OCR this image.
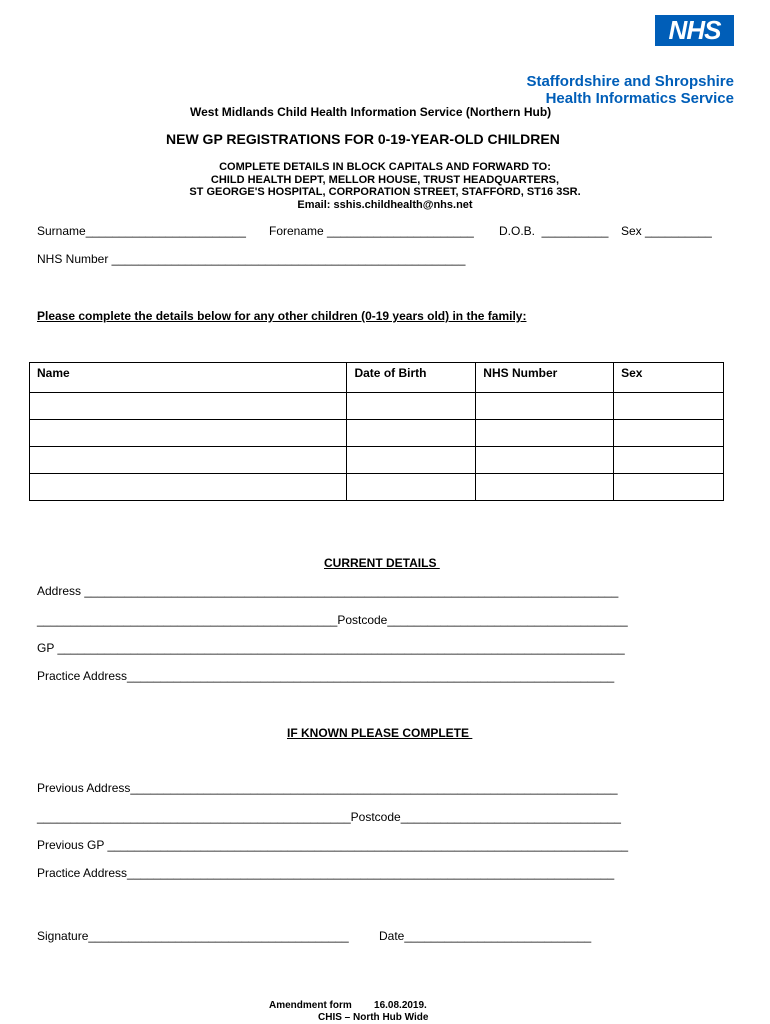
NHS
Staffordshire and Shropshire
Health Informatics Service
West Midlands Child Health Information Service (Northern Hub)
NEW GP REGISTRATIONS FOR 0-19-YEAR-OLD CHILDREN
COMPLETE DETAILS IN BLOCK CAPITALS AND FORWARD TO:
CHILD HEALTH DEPT, MELLOR HOUSE, TRUST HEADQUARTERS,
ST GEORGE'S HOSPITAL, CORPORATION STREET, STAFFORD, ST16 3SR.
Email: sshis.childhealth@nhs.net
Surname________________________ Forename ______________________ D.O.B.  __________ Sex __________
NHS Number _____________________________________________________
Please complete the details below for any other children (0-19 years old) in the family:
Name	Date of Birth	NHS Number	Sex

CURRENT DETAILS
Address ________________________________________________________________________________
_____________________________________________Postcode____________________________________
GP _____________________________________________________________________________________
Practice Address_________________________________________________________________________
IF KNOWN PLEASE COMPLETE
Previous Address_________________________________________________________________________
_______________________________________________Postcode_________________________________
Previous GP ______________________________________________________________________________
Practice Address_________________________________________________________________________
Signature_______________________________________	Date____________________________
Amendment form        16.08.2019.
CHIS – North Hub Wide
